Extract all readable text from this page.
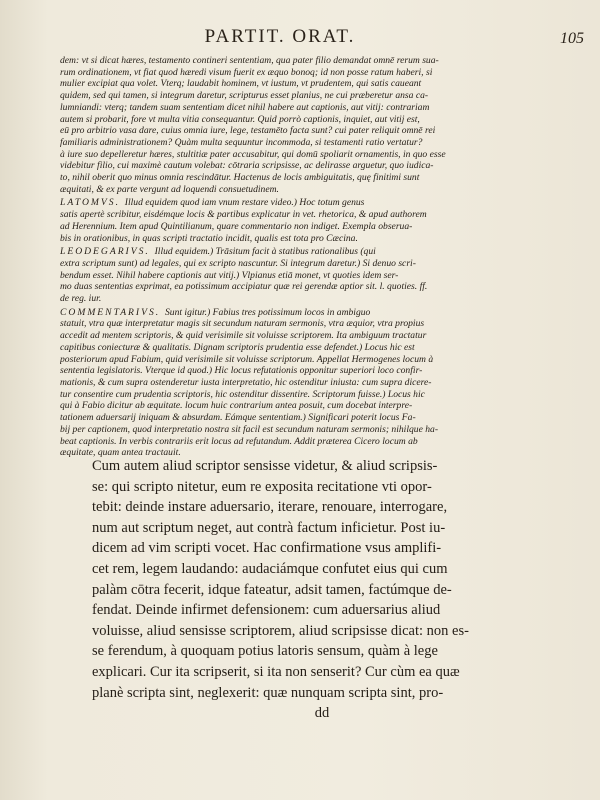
PARTIT. ORAT.	105
dem: vt si dicat hæres, testamento contineri sententiam, qua pater filio demandat omnē rerum sua-
rum ordinationem, vt fiat quod hæredi visum fuerit ex æquo bonoq; id non posse ratum haberi, si
mulier excipiat qua volet. Vterq; laudabit hominem, vt iustum, vt prudentem, qui satis caueant
quidem, sed qui tamen, si integrum daretur, scripturus esset planius, ne cui præberetur ansa ca-
lumniandi: vterq; tandem suam sententiam dicet nihil habere aut captionis, aut vitij: contrariam
autem si probarit, fore vt multa vitia consequantur. Quid porrò captionis, inquiet, aut vitij est,
eū pro arbitrio vasa dare, cuius omnia iure, lege, testamēto facta sunt? cui pater reliquit omnē rei
familiaris administrationem? Quàm multa sequuntur incommoda, si testamenti ratio vertatur?
à iure suo depelleretur hæres, stultitiæ pater accusabitur, qui domū spoliarit ornamentis, in quo esse
videbitur filio, cui maximè cautum volebat: cōtraria scripsisse, ac delirasse arguetur, quo iudica-
to, nihil oberit quo minus omnia rescindātur. Hactenus de locis ambiguitatis, quę finitimi sunt
æquitati, & ex parte vergunt ad loquendi consuetudinem.
LATOMVS. Illud equidem quod iam vnum restare video.) Hoc totum genus
satis apertè scribitur, eisdémque locis & partibus explicatur in vet. rhetorica, & apud authorem
ad Herennium. Item apud Quintilianum, quare commentario non indiget. Exempla obserua-
bis in orationibus, in quas scripti tractatio incidit, qualis est tota pro Cæcina.
LEODEGARIVS. Illud equidem.) Trāsitum facit à statibus rationalibus (qui
extra scriptum sunt) ad legales, qui ex scripto nascuntur. Si integrum daretur.) Si denuo scri-
bendum esset. Nihil habere captionis aut vitij.) Vlpianus etiā monet, vt quoties idem ser-
mo duas sententias exprimat, ea potissimum accipiatur quæ rei gerendæ aptior sit. l. quoties. ff.
de reg. iur.
COMMENTARIVS. Sunt igitur.) Fabius tres potissimum locos in ambiguo
statuit, vtra quæ interpretatur magis sit secundum naturam sermonis, vtra æquior, vtra propius
accedit ad mentem scriptoris, & quid verisimile sit voluisse scriptorem. Ita ambiguum tractatur
capitibus coniecturæ & qualitatis. Dignam scriptoris prudentia esse defendet.) Locus hic est
posteriorum apud Fabium, quid verisimile sit voluisse scriptorum. Appellat Hermogenes locum à
sententia legislatoris. Vterque id quod.) Hic locus refutationis opponitur superiori loco confir-
mationis, & cum supra ostenderetur iusta interpretatio, hic ostenditur iniusta: cum supra dicere-
tur consentire cum prudentia scriptoris, hic ostenditur dissentire. Scriptorum fuisse.) Locus hic
qui à Fabio dicitur ab æquitate. locum huic contrarium antea posuit, cum docebat interpre-
tationem aduersarij iniquam & absurdam. Eámque sententiam.) Significari poterit locus Fa-
bij per captionem, quod interpretatio nostra sit facil est secundum naturam sermonis; nihilque ha-
beat captionis. In verbis contrariis erit locus ad refutandum. Addit præterea Cicero locum ab
æquitate, quam antea tractauit.
Cum autem aliud scriptor sensisse videtur, & aliud scripsis-
se: qui scripto nitetur, eum re exposita recitatione vti opor-
tebit: deinde instare aduersario, iterare, renouare, interrogare,
num aut scriptum neget, aut contrà factum inficietur. Post iu-
dicem ad vim scripti vocet. Hac confirmatione vsus amplifi-
cet rem, legem laudando: audaciámque confutet eius qui cum
palàm cōtra fecerit, idque fateatur, adsit tamen, factúmque de-
fendat. Deinde infirmet defensionem: cum aduersarius aliud
voluisse, aliud sensisse scriptorem, aliud scripsisse dicat: non es-
se ferendum, à quoquam potius latoris sensum, quàm à lege
explicari. Cur ita scripserit, si ita non senserit? Cur cùm ea quæ
planè scripta sint, neglexerit: quæ nunquam scripta sint, pro-
dd
